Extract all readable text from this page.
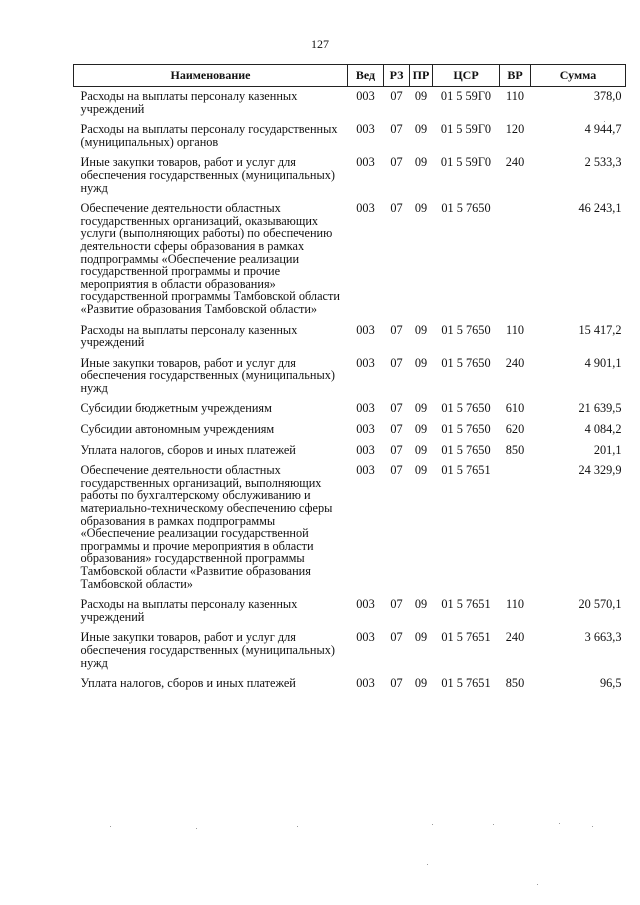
127
Наименование	Вед	РЗ	ПР	ЦСР	ВР	Сумма
Расходы на выплаты персоналу казенных учреждений	003	07	09	01 5 59Г0	110	378,0
Расходы на выплаты персоналу государственных (муниципальных) органов	003	07	09	01 5 59Г0	120	4 944,7
Иные закупки товаров, работ и услуг для обеспечения государственных (муниципальных) нужд	003	07	09	01 5 59Г0	240	2 533,3
Обеспечение деятельности областных государственных организаций, оказывающих услуги (выполняющих работы) по обеспечению деятельности сферы образования в рамках подпрограммы «Обеспечение реализации государственной программы и прочие мероприятия в области образования» государственной программы Тамбовской области «Развитие образования Тамбовской области»	003	07	09	01 5 7650		46 243,1
Расходы на выплаты персоналу казенных учреждений	003	07	09	01 5 7650	110	15 417,2
Иные закупки товаров, работ и услуг для обеспечения государственных (муниципальных) нужд	003	07	09	01 5 7650	240	4 901,1
Субсидии бюджетным учреждениям	003	07	09	01 5 7650	610	21 639,5
Субсидии автономным учреждениям	003	07	09	01 5 7650	620	4 084,2
Уплата налогов, сборов и иных платежей	003	07	09	01 5 7650	850	201,1
Обеспечение деятельности областных государственных организаций, выполняющих работы по бухгалтерскому обслуживанию и материально-техническому обеспечению сферы образования в рамках подпрограммы «Обеспечение реализации государственной программы и прочие мероприятия в области образования» государственной программы Тамбовской области «Развитие образования Тамбовской области»	003	07	09	01 5 7651		24 329,9
Расходы на выплаты персоналу казенных учреждений	003	07	09	01 5 7651	110	20 570,1
Иные закупки товаров, работ и услуг для обеспечения государственных (муниципальных) нужд	003	07	09	01 5 7651	240	3 663,3
Уплата налогов, сборов и иных платежей	003	07	09	01 5 7651	850	96,5
